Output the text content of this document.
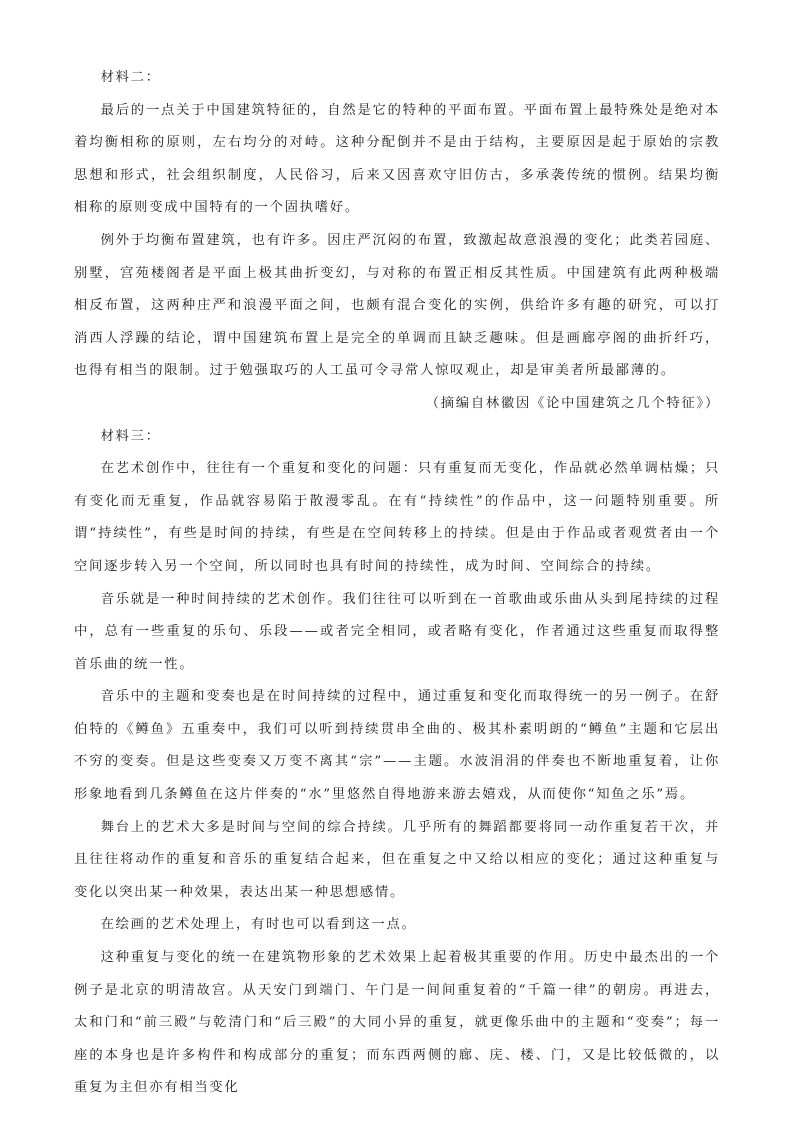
材料二：

最后的一点关于中国建筑特征的，自然是它的特种的平面布置。平面布置上最特殊处是绝对本着均衡相称的原则，左右均分的对峙。这种分配倒并不是由于结构，主要原因是起于原始的宗教思想和形式，社会组织制度，人民俗习，后来又因喜欢守旧仿古，多承袭传统的惯例。结果均衡相称的原则变成中国特有的一个固执嗜好。

例外于均衡布置建筑，也有许多。因庄严沉闷的布置，致激起故意浪漫的变化；此类若园庭、别墅，宫苑楼阁者是平面上极其曲折变幻，与对称的布置正相反其性质。中国建筑有此两种极端相反布置，这两种庄严和浪漫平面之间，也颇有混合变化的实例，供给许多有趣的研究，可以打消西人浮躁的结论，谓中国建筑布置上是完全的单调而且缺乏趣味。但是画廊亭阁的曲折纤巧，也得有相当的限制。过于勉强取巧的人工虽可令寻常人惊叹观止，却是审美者所最鄙薄的。

（摘编自林徽因《论中国建筑之几个特征》）

材料三：

在艺术创作中，往往有一个重复和变化的问题：只有重复而无变化，作品就必然单调枯燥；只有变化而无重复，作品就容易陷于散漫零乱。在有“持续性”的作品中，这一问题特别重要。所谓“持续性”，有些是时间的持续，有些是在空间转移上的持续。但是由于作品或者观赏者由一个空间逐步转入另一个空间，所以同时也具有时间的持续性，成为时间、空间综合的持续。

音乐就是一种时间持续的艺术创作。我们往往可以听到在一首歌曲或乐曲从头到尾持续的过程中，总有一些重复的乐句、乐段——或者完全相同，或者略有变化，作者通过这些重复而取得整首乐曲的统一性。

音乐中的主题和变奏也是在时间持续的过程中，通过重复和变化而取得统一的另一例子。在舒伯特的《鳟鱼》五重奏中，我们可以听到持续贯串全曲的、极其朴素明朗的“鳟鱼”主题和它层出不穷的变奏。但是这些变奏又万变不离其“宗”——主题。水波涓涓的伴奏也不断地重复着，让你形象地看到几条鳟鱼在这片伴奏的“水”里悠然自得地游来游去嬉戏，从而使你“知鱼之乐”焉。

舞台上的艺术大多是时间与空间的综合持续。几乎所有的舞蹈都要将同一动作重复若干次，并且往往将动作的重复和音乐的重复结合起来，但在重复之中又给以相应的变化；通过这种重复与变化以突出某一种效果，表达出某一种思想感情。

在绘画的艺术处理上，有时也可以看到这一点。

这种重复与变化的统一在建筑物形象的艺术效果上起着极其重要的作用。历史中最杰出的一个例子是北京的明清故宫。从天安门到端门、午门是一间间重复着的“千篇一律”的朝房。再进去，太和门和“前三殿”与乾清门和“后三殿”的大同小异的重复，就更像乐曲中的主题和“变奏”；每一座的本身也是许多构件和构成部分的重复；而东西两侧的廊、庑、楼、门，又是比较低微的，以重复为主但亦有相当变化
